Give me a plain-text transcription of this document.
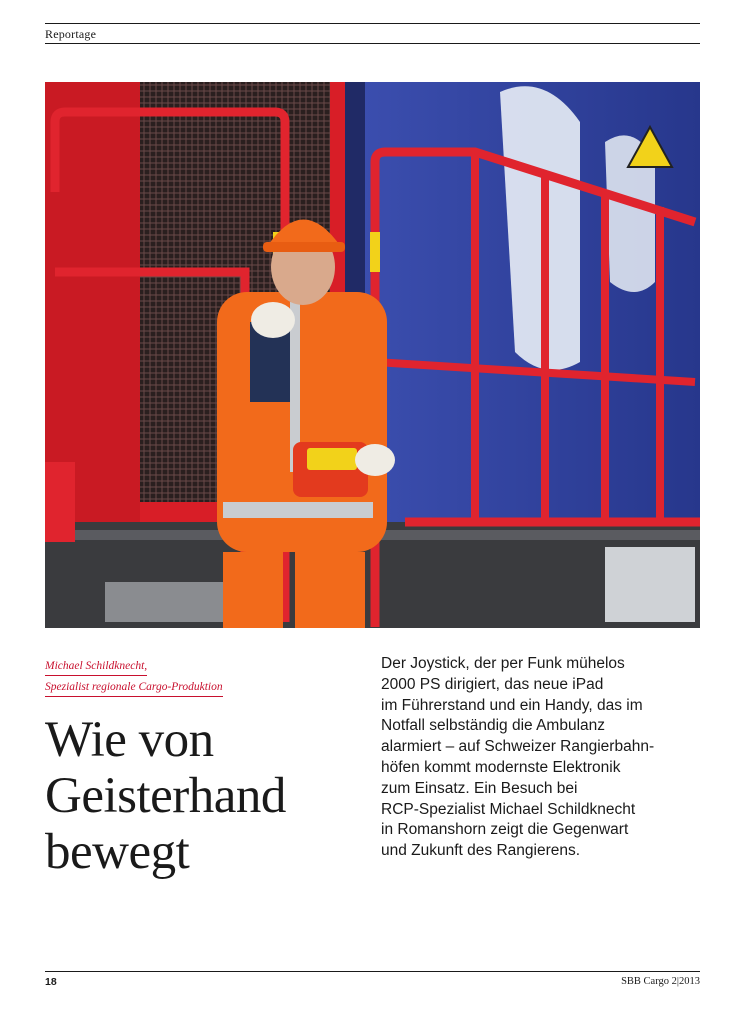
Reportage
Michael Schildknecht,
Spezialist regionale Cargo-Produktion
Wie von
Geisterhand
bewegt
Der Joystick, der per Funk mühelos
2000 PS dirigiert, das neue iPad
im Führerstand und ein Handy, das im
Notfall selbständig die Ambulanz
alarmiert – auf Schweizer Rangierbahn-
höfen kommt modernste Elektronik
zum Einsatz. Ein Besuch bei
RCP-Spezialist Michael Schildknecht
in Romanshorn zeigt die Gegenwart
und Zukunft des Rangierens.
18	SBB Cargo 2|2013
